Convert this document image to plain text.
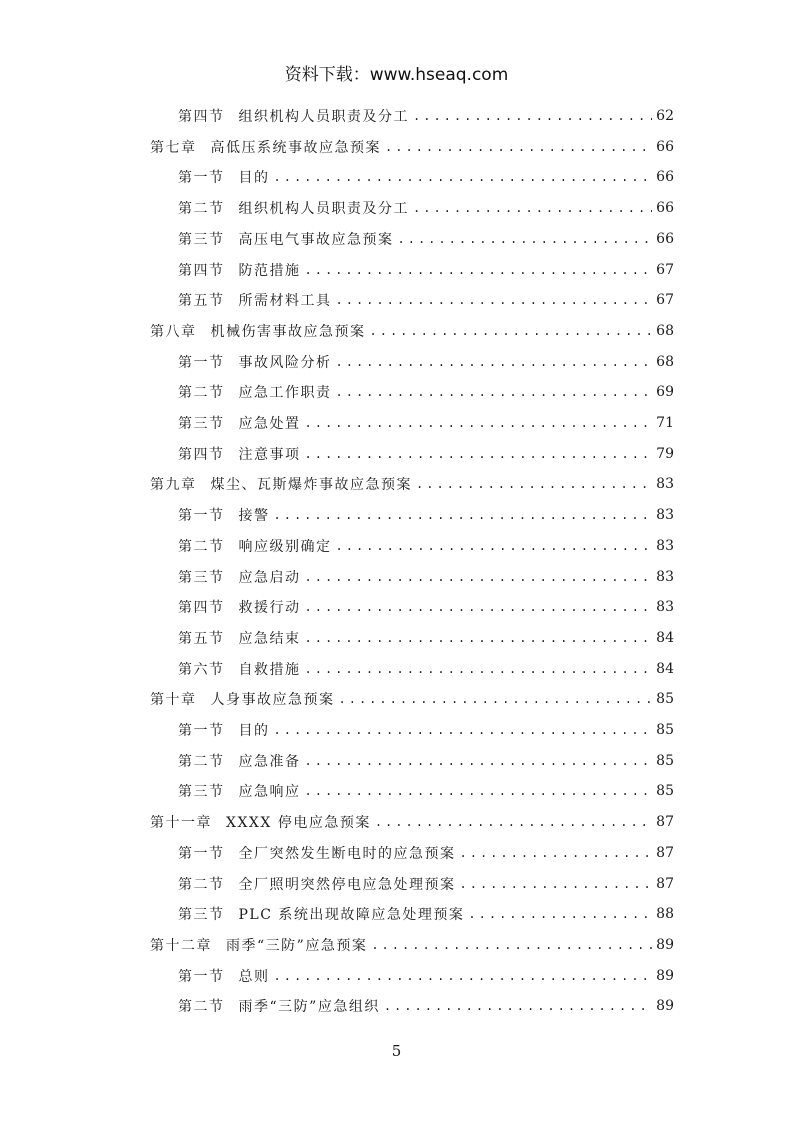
资料下载：www.hseaq.com
第四节 组织机构人员职责及分工 .....	62
第七章 高低压系统事故应急预案 .....	66
第一节 目的 .....	66
第二节 组织机构人员职责及分工 .....	66
第三节 高压电气事故应急预案 .....	66
第四节 防范措施 .....	67
第五节 所需材料工具 .....	67
第八章 机械伤害事故应急预案 .....	68
第一节 事故风险分析 .....	68
第二节 应急工作职责 .....	69
第三节 应急处置 .....	71
第四节 注意事项 .....	79
第九章 煤尘、瓦斯爆炸事故应急预案 .....	83
第一节 接警 .....	83
第二节 响应级别确定 .....	83
第三节 应急启动 .....	83
第四节 救援行动 .....	83
第五节 应急结束 .....	84
第六节 自救措施 .....	84
第十章 人身事故应急预案 .....	85
第一节 目的 .....	85
第二节 应急准备 .....	85
第三节 应急响应 .....	85
第十一章 XXXX 停电应急预案 .....	87
第一节 全厂突然发生断电时的应急预案 .....	87
第二节 全厂照明突然停电应急处理预案 .....	87
第三节 PLC 系统出现故障应急处理预案 .....	88
第十二章 雨季“三防”应急预案 .....	89
第一节 总则 .....	89
第二节 雨季“三防”应急组织 .....	89
5
